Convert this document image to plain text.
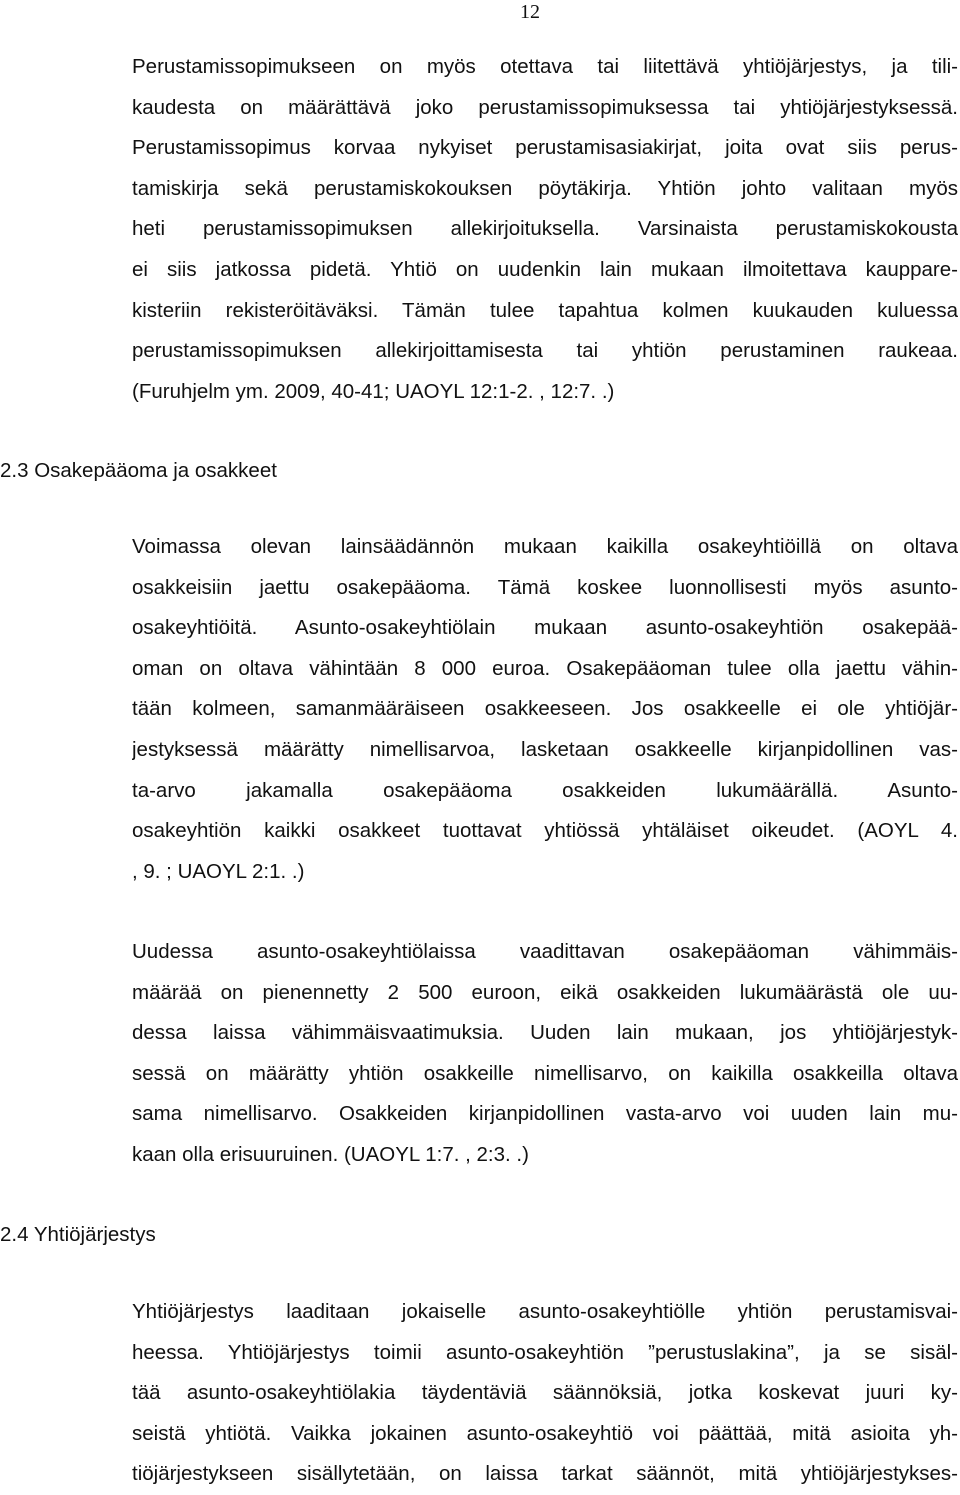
12
Perustamissopimukseen on myös otettava tai liitettävä yhtiöjärjestys, ja tili-
kaudesta on määrättävä joko perustamissopimuksessa tai yhtiöjärjestyksessä.
Perustamissopimus korvaa nykyiset perustamisasiakirjat, joita ovat siis perus-
tamiskirja sekä perustamiskokouksen pöytäkirja. Yhtiön johto valitaan myös
heti perustamissopimuksen allekirjoituksella. Varsinaista perustamiskokousta
ei siis jatkossa pidetä. Yhtiö on uudenkin lain mukaan ilmoitettava kauppare-
kisteriin rekisteröitäväksi. Tämän tulee tapahtua kolmen kuukauden kuluessa
perustamissopimuksen allekirjoittamisesta tai yhtiön perustaminen raukeaa.
(Furuhjelm ym. 2009, 40-41; UAOYL 12:1-2. , 12:7. .)
2.3 Osakepääoma ja osakkeet
Voimassa olevan lainsäädännön mukaan kaikilla osakeyhtiöillä on oltava
osakkeisiin jaettu osakepääoma. Tämä koskee luonnollisesti myös asunto-
osakeyhtiöitä. Asunto-osakeyhtiölain mukaan asunto-osakeyhtiön osakepää-
oman on oltava vähintään 8 000 euroa. Osakepääoman tulee olla jaettu vähin-
tään kolmeen, samanmääräiseen osakkeeseen. Jos osakkeelle ei ole yhtiöjär-
jestyksessä määrätty nimellisarvoa, lasketaan osakkeelle kirjanpidollinen vas-
ta-arvo jakamalla osakepääoma osakkeiden lukumäärällä. Asunto-
osakeyhtiön kaikki osakkeet tuottavat yhtiössä yhtäläiset oikeudet. (AOYL 4.
, 9. ; UAOYL 2:1. .)
Uudessa asunto-osakeyhtiölaissa vaadittavan osakepääoman vähimmäis-
määrää on pienennetty 2 500 euroon, eikä osakkeiden lukumäärästä ole uu-
dessa laissa vähimmäisvaatimuksia. Uuden lain mukaan, jos yhtiöjärjestyk-
sessä on määrätty yhtiön osakkeille nimellisarvo, on kaikilla osakkeilla oltava
sama nimellisarvo. Osakkeiden kirjanpidollinen vasta-arvo voi uuden lain mu-
kaan olla erisuuruinen. (UAOYL 1:7. , 2:3. .)
2.4 Yhtiöjärjestys
Yhtiöjärjestys laaditaan jokaiselle asunto-osakeyhtiölle yhtiön perustamisvai-
heessa. Yhtiöjärjestys toimii asunto-osakeyhtiön ”perustuslakina”, ja se sisäl-
tää asunto-osakeyhtiölakia täydentäviä säännöksiä, jotka koskevat juuri ky-
seistä yhtiötä. Vaikka jokainen asunto-osakeyhtiö voi päättää, mitä asioita yh-
tiöjärjestykseen sisällytetään, on laissa tarkat säännöt, mitä yhtiöjärjestykses-
